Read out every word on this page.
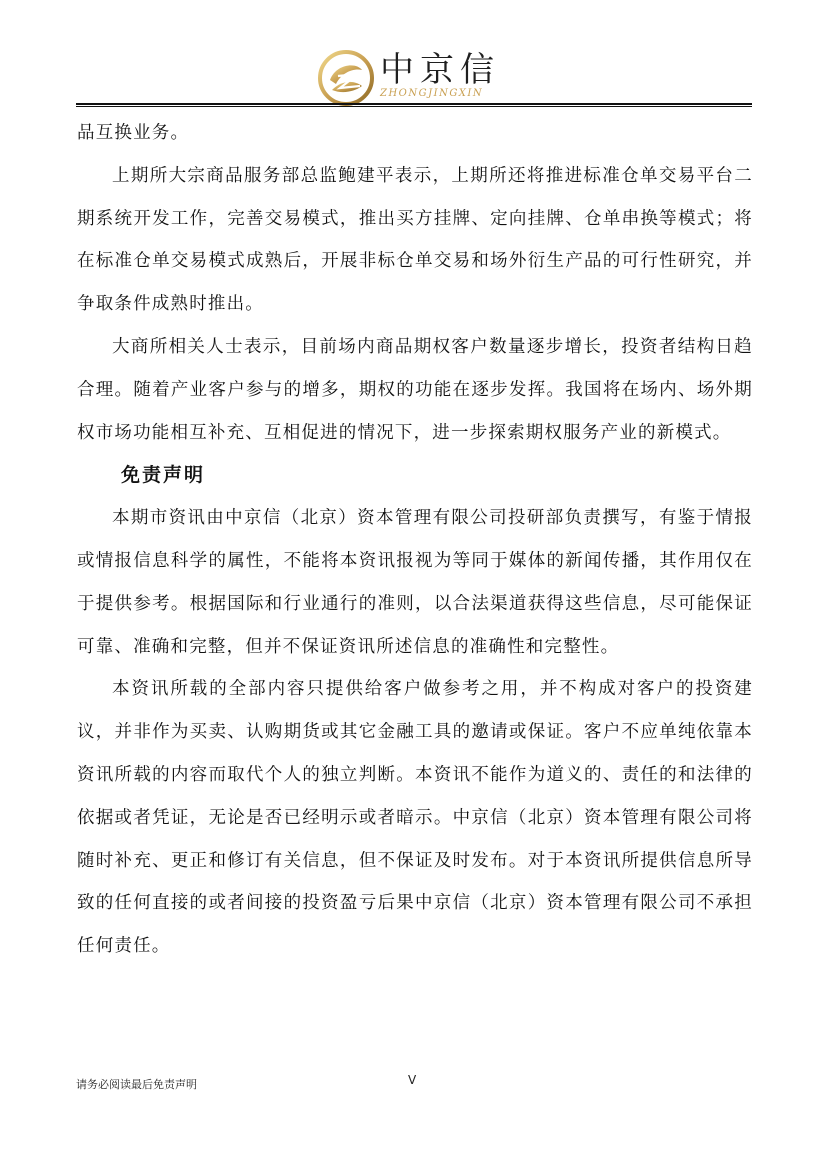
中京信
ZHONGJINGXIN

品互换业务。

上期所大宗商品服务部总监鲍建平表示，上期所还将推进标准仓单交易平台二期系统开发工作，完善交易模式，推出买方挂牌、定向挂牌、仓单串换等模式；将在标准仓单交易模式成熟后，开展非标仓单交易和场外衍生产品的可行性研究，并争取条件成熟时推出。

大商所相关人士表示，目前场内商品期权客户数量逐步增长，投资者结构日趋合理。随着产业客户参与的增多，期权的功能在逐步发挥。我国将在场内、场外期权市场功能相互补充、互相促进的情况下，进一步探索期权服务产业的新模式。

免责声明

本期市资讯由中京信（北京）资本管理有限公司投研部负责撰写，有鉴于情报或情报信息科学的属性，不能将本资讯报视为等同于媒体的新闻传播，其作用仅在于提供参考。根据国际和行业通行的准则，以合法渠道获得这些信息，尽可能保证可靠、准确和完整，但并不保证资讯所述信息的准确性和完整性。

本资讯所载的全部内容只提供给客户做参考之用，并不构成对客户的投资建议，并非作为买卖、认购期货或其它金融工具的邀请或保证。客户不应单纯依靠本资讯所载的内容而取代个人的独立判断。本资讯不能作为道义的、责任的和法律的依据或者凭证，无论是否已经明示或者暗示。中京信（北京）资本管理有限公司将随时补充、更正和修订有关信息，但不保证及时发布。对于本资讯所提供信息所导致的任何直接的或者间接的投资盈亏后果中京信（北京）资本管理有限公司不承担任何责任。

请务必阅读最后免责声明	V
